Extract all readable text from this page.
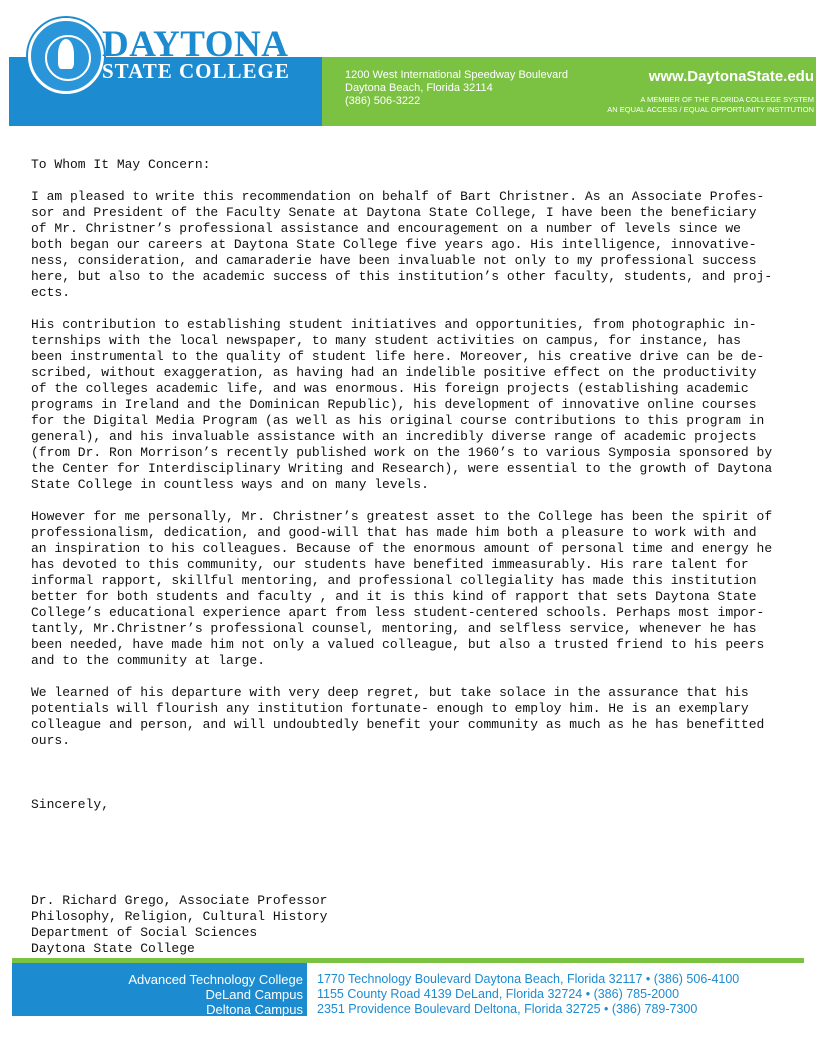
DAYTONA
STATE COLLEGE	1200 West International Speedway Boulevard
Daytona Beach, Florida 32114
(386) 506-3222
www.DaytonaState.edu
A MEMBER OF THE FLORIDA COLLEGE SYSTEM
AN EQUAL ACCESS / EQUAL OPPORTUNITY INSTITUTION

To Whom It May Concern:

I am pleased to write this recommendation on behalf of Bart Christner. As an Associate Profes-

sor and President of the Faculty Senate at Daytona State College, I have been the beneficiary

of Mr. Christner’s professional assistance and encouragement on a number of levels since we

both began our careers at Daytona State College five years ago. His intelligence, innovative-

ness, consideration, and camaraderie have been invaluable not only to my professional success

here, but also to the academic success of this institution’s other faculty, students, and proj-

ects.

His contribution to establishing student initiatives and opportunities, from photographic in-

ternships with the local newspaper, to many student activities on campus, for instance, has

been instrumental to the quality of student life here. Moreover, his creative drive can be de-

scribed, without exaggeration, as having had an indelible positive effect on the productivity

of the colleges academic life, and was enormous. His foreign projects (establishing academic

programs in Ireland and the Dominican Republic), his development of innovative online courses

for the Digital Media Program (as well as his original course contributions to this program in

general), and his invaluable assistance with an incredibly diverse range of academic projects

(from Dr. Ron Morrison’s recently published work on the 1960’s to various Symposia sponsored by

the Center for Interdisciplinary Writing and Research), were essential to the growth of Daytona

State College in countless ways and on many levels.

However for me personally, Mr. Christner’s greatest asset to the College has been the spirit of

professionalism, dedication, and good-will that has made him both a pleasure to work with and

an inspiration to his colleagues. Because of the enormous amount of personal time and energy he

has devoted to this community, our students have benefited immeasurably. His rare talent for

informal rapport, skillful mentoring, and professional collegiality has made this institution

better for both students and faculty , and it is this kind of rapport that sets Daytona State

College’s educational experience apart from less student-centered schools. Perhaps most impor-

tantly, Mr.Christner’s professional counsel, mentoring, and selfless service, whenever he has

been needed, have made him not only a valued colleague, but also a trusted friend to his peers

and to the community at large.

We learned of his departure with very deep regret, but take solace in the assurance that his

potentials will flourish any institution fortunate- enough to employ him. He is an exemplary

colleague and person, and will undoubtedly benefit your community as much as he has benefitted

ours.

Sincerely,

Dr. Richard Grego, Associate Professor

Philosophy, Religion, Cultural History

Department of Social Sciences

Daytona State College

Advanced Technology College
DeLand Campus
Deltona Campus
1770 Technology Boulevard Daytona Beach, Florida 32117 • (386) 506-4100
1155 County Road 4139 DeLand, Florida 32724 • (386) 785-2000
2351 Providence Boulevard Deltona, Florida 32725 • (386) 789-7300
